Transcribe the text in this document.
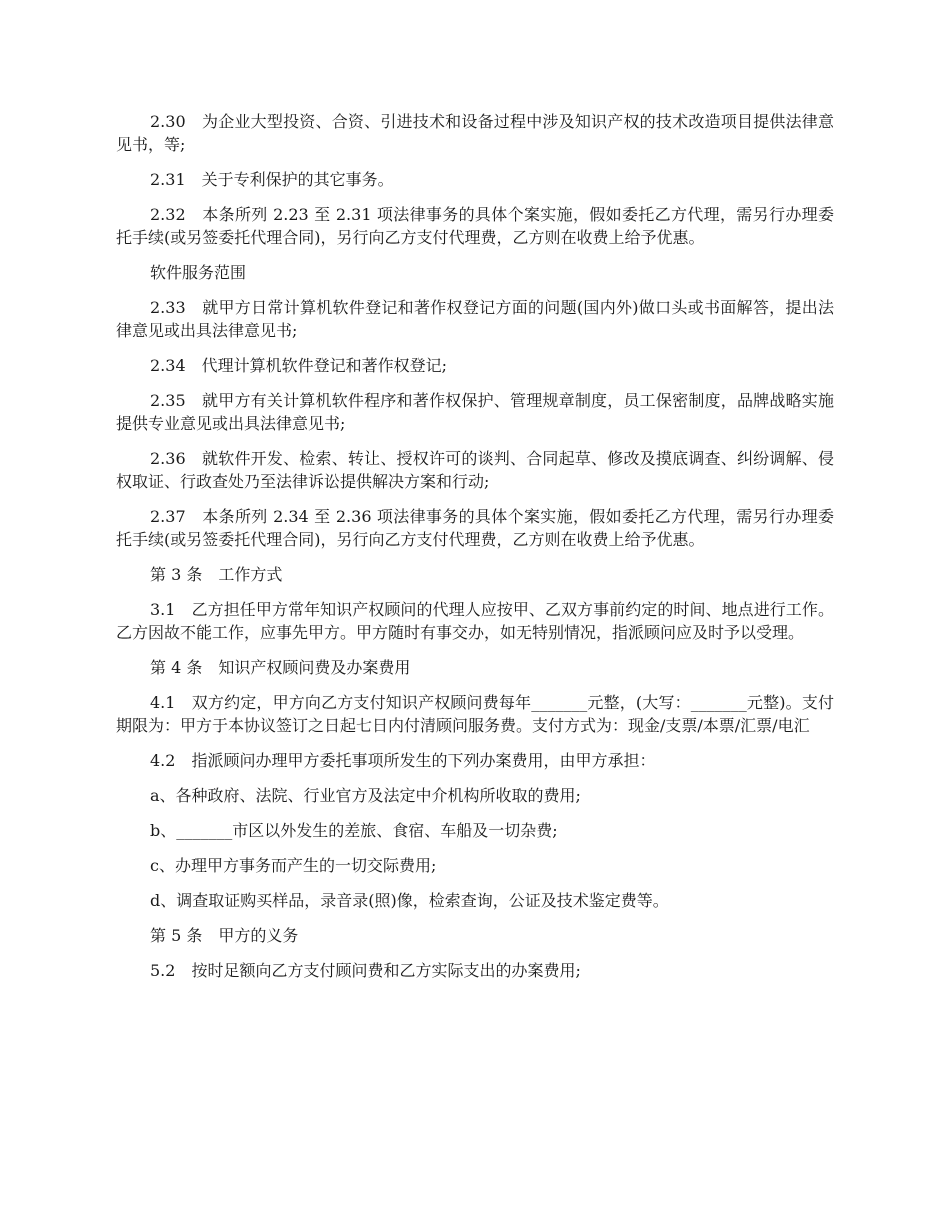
2.30　为企业大型投资、合资、引进技术和设备过程中涉及知识产权的技术改造项目提供法律意见书，等;

2.31　关于专利保护的其它事务。

2.32　本条所列 2.23 至 2.31 项法律事务的具体个案实施，假如委托乙方代理，需另行办理委托手续(或另签委托代理合同)，另行向乙方支付代理费，乙方则在收费上给予优惠。

软件服务范围

2.33　就甲方日常计算机软件登记和著作权登记方面的问题(国内外)做口头或书面解答，提出法律意见或出具法律意见书;

2.34　代理计算机软件登记和著作权登记;

2.35　就甲方有关计算机软件程序和著作权保护、管理规章制度，员工保密制度，品牌战略实施提供专业意见或出具法律意见书;

2.36　就软件开发、检索、转让、授权许可的谈判、合同起草、修改及摸底调查、纠纷调解、侵权取证、行政查处乃至法律诉讼提供解决方案和行动;

2.37　本条所列 2.34 至 2.36 项法律事务的具体个案实施，假如委托乙方代理，需另行办理委托手续(或另签委托代理合同)，另行向乙方支付代理费，乙方则在收费上给予优惠。

第 3 条　工作方式

3.1　乙方担任甲方常年知识产权顾问的代理人应按甲、乙双方事前约定的时间、地点进行工作。乙方因故不能工作，应事先甲方。甲方随时有事交办，如无特别情况，指派顾问应及时予以受理。

第 4 条　知识产权顾问费及办案费用

4.1　双方约定，甲方向乙方支付知识产权顾问费每年_______元整，(大写：_______元整)。支付期限为：甲方于本协议签订之日起七日内付清顾问服务费。支付方式为：现金/支票/本票/汇票/电汇

4.2　指派顾问办理甲方委托事项所发生的下列办案费用，由甲方承担：

a、各种政府、法院、行业官方及法定中介机构所收取的费用;

b、_______市区以外发生的差旅、食宿、车船及一切杂费;

c、办理甲方事务而产生的一切交际费用;

d、调查取证购买样品，录音录(照)像，检索查询，公证及技术鉴定费等。

第 5 条　甲方的义务

5.2　按时足额向乙方支付顾问费和乙方实际支出的办案费用;
